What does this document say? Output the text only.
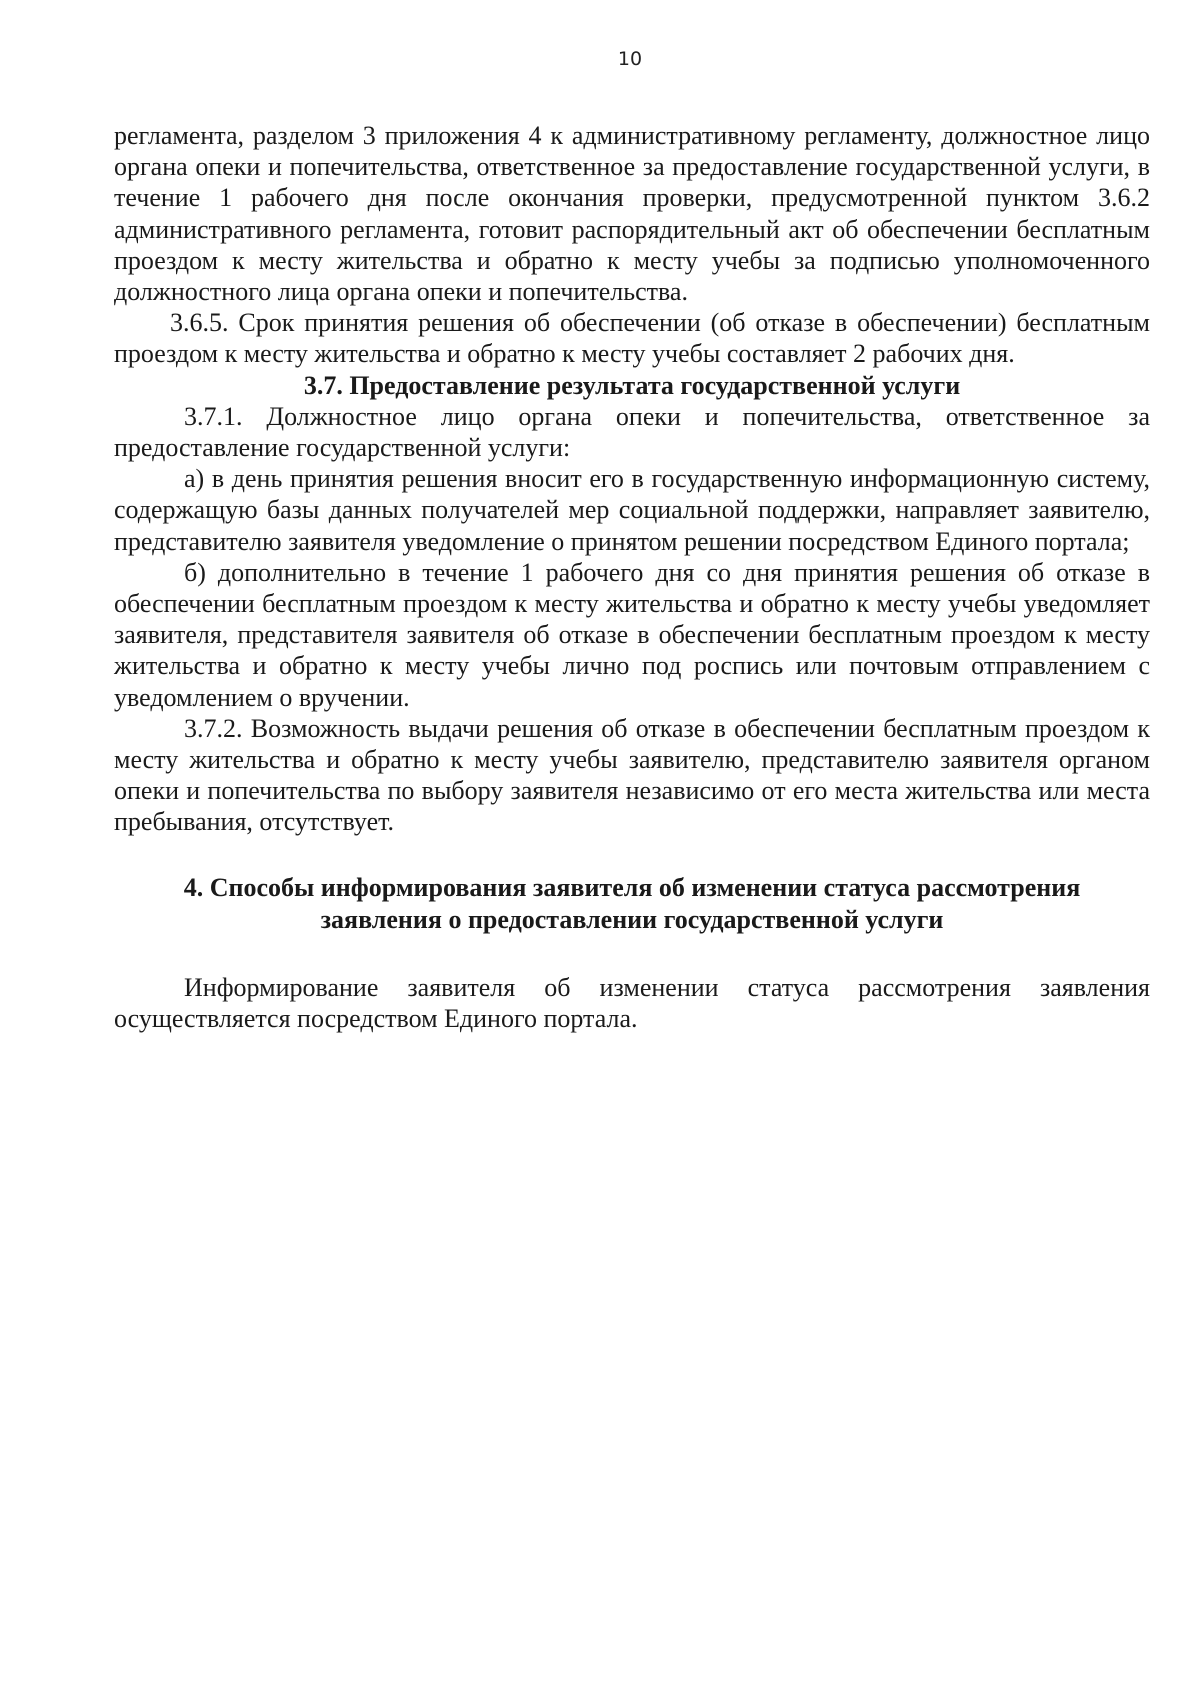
10

регламента, разделом 3 приложения 4 к административному регламенту, должностное лицо органа опеки и попечительства, ответственное за предоставление государственной услуги, в течение 1 рабочего дня после окончания проверки, предусмотренной пунктом 3.6.2 административного регламента, готовит распорядительный акт об обеспечении бесплатным проездом к месту жительства и обратно к месту учебы за подписью уполномоченного должностного лица органа опеки и попечительства.

3.6.5. Срок принятия решения об обеспечении (об отказе в обеспечении) бесплатным проездом к месту жительства и обратно к месту учебы составляет 2 рабочих дня.

3.7. Предоставление результата государственной услуги

3.7.1. Должностное лицо органа опеки и попечительства, ответственное за предоставление государственной услуги:

а) в день принятия решения вносит его в государственную информационную систему, содержащую базы данных получателей мер социальной поддержки, направляет заявителю, представителю заявителя уведомление о принятом решении посредством Единого портала;

б) дополнительно в течение 1 рабочего дня со дня принятия решения об отказе в обеспечении бесплатным проездом к месту жительства и обратно к месту учебы уведомляет заявителя, представителя заявителя об отказе в обеспечении бесплатным проездом к месту жительства и обратно к месту учебы лично под роспись или почтовым отправлением с уведомлением о вручении.

3.7.2. Возможность выдачи решения об отказе в обеспечении бесплатным проездом к месту жительства и обратно к месту учебы заявителю, представителю заявителя органом опеки и попечительства по выбору заявителя независимо от его места жительства или места пребывания, отсутствует.

4. Способы информирования заявителя об изменении статуса рассмотрения
заявления о предоставлении государственной услуги

Информирование заявителя об изменении статуса рассмотрения заявления осуществляется посредством Единого портала.
